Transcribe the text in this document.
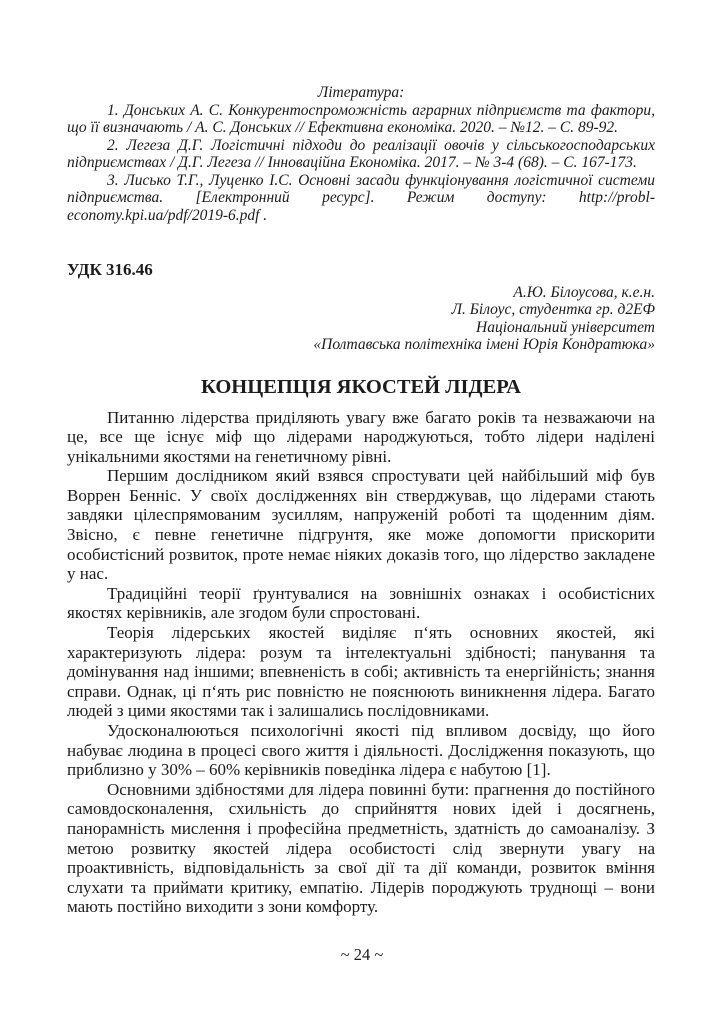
Література:

1. Донських А. С. Конкурентоспроможність аграрних підприємств та фактори, що її визначають / А. С. Донських // Ефективна економіка. 2020. – №12. – С. 89-92.

2. Легеза Д.Г. Логістичні підходи до реалізації овочів у сільськогосподарських підприємствах / Д.Г. Легеза // Інноваційна Економіка. 2017. – № 3-4 (68). – С. 167-173.

3. Лисько Т.Г., Луценко І.С. Основні засади функціонування логістичної системи підприємства. [Електронний ресурс]. Режим доступу: http://probl-economy.kpi.ua/pdf/2019-6.pdf .

УДК 316.46
А.Ю. Білоусова, к.е.н.
Л. Білоус, студентка гр. д2ЕФ
Національний університет
«Полтавська політехніка імені Юрія Кондратюка»
КОНЦЕПЦІЯ ЯКОСТЕЙ ЛІДЕРА

Питанню лідерства приділяють увагу вже багато років та незважаючи на це, все ще існує міф що лідерами народжуються, тобто лідери наділені унікальними якостями на генетичному рівні.

Першим дослідником який взявся спростувати цей найбільший міф був Воррен Бенніс. У своїх дослідженнях він стверджував, що лідерами стають завдяки цілеспрямованим зусиллям, напруженій роботі та щоденним діям. Звісно, є певне генетичне підгрунтя, яке може допомогти прискорити особистісний розвиток, проте немає ніяких доказів того, що лідерство закладене у нас.

Традиційні теорії ґрунтувалися на зовнішніх ознаках і особистісних якостях керівників, але згодом були спростовані.

Теорія лідерських якостей виділяє п‘ять основних якостей, які характеризують лідера: розум та інтелектуальні здібності; панування та домінування над іншими; впевненість в собі; активність та енергійність; знання справи. Однак, ці п‘ять рис повністю не пояснюють виникнення лідера. Багато людей з цими якостями так і залишались послідовниками.

Удосконалюються психологічні якості під впливом досвіду, що його набуває людина в процесі свого життя і діяльності. Дослідження показують, що приблизно у 30% – 60% керівників поведінка лідера є набутою [1].

Основними здібностями для лідера повинні бути: прагнення до постійного самовдосконалення, схильність до сприйняття нових ідей і досягнень, панорамність мислення і професійна предметність, здатність до самоаналізу. З метою розвитку якостей лідера особистості слід звернути увагу на проактивність, відповідальність за свої дії та дії команди, розвиток вміння слухати та приймати критику, емпатію. Лідерів породжують труднощі – вони мають постійно виходити з зони комфорту.

~ 24 ~
